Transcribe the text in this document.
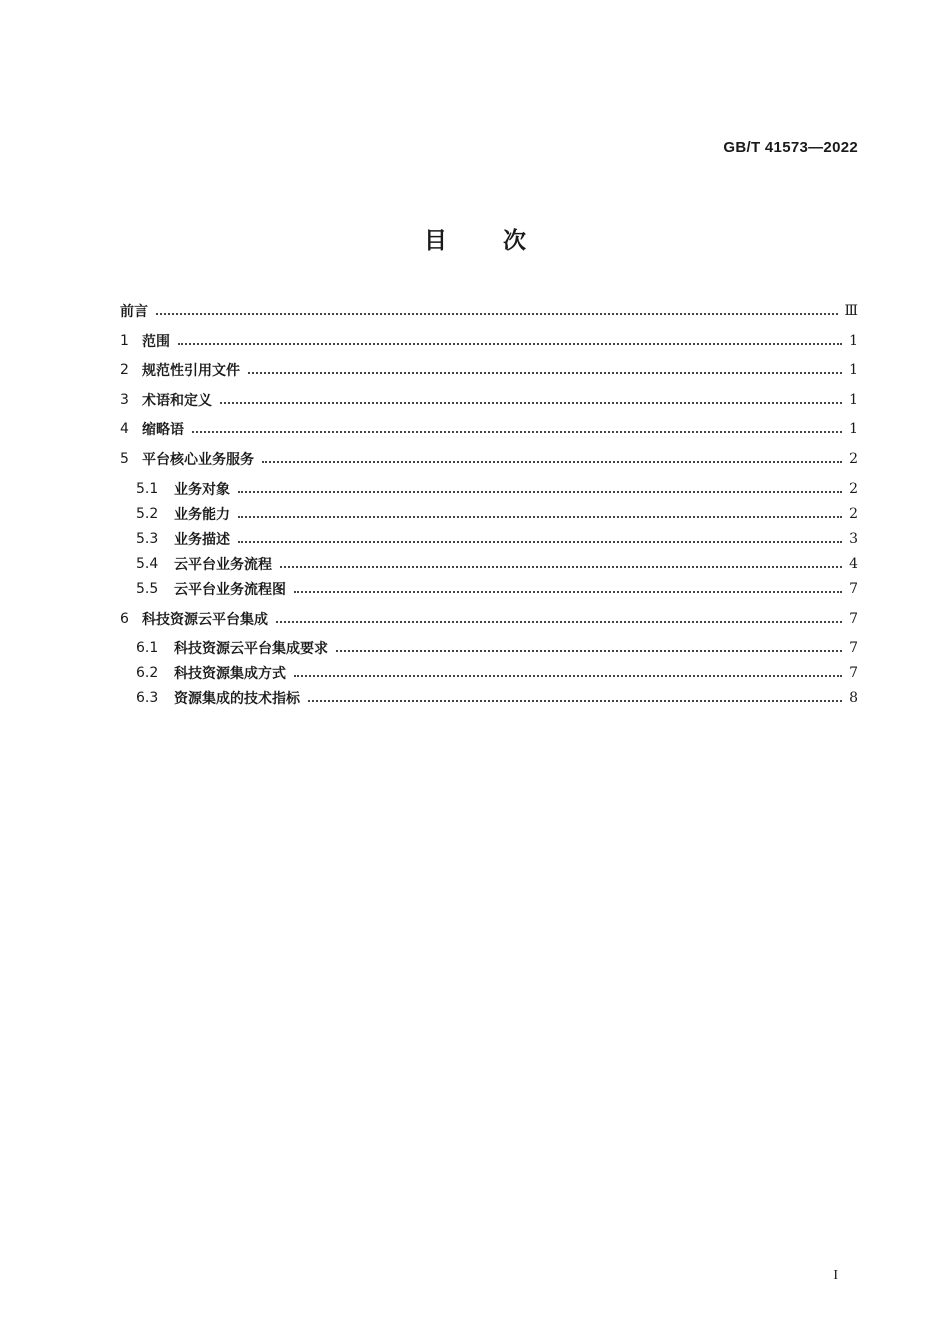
GB/T 41573—2022
目次
前言	Ⅲ
1 范围	1
2 规范性引用文件	1
3 术语和定义	1
4 缩略语	1
5 平台核心业务服务	2
5.1	业务对象	2
5.2	业务能力	2
5.3	业务描述	3
5.4	云平台业务流程	4
5.5	云平台业务流程图	7
6 科技资源云平台集成	7
6.1	科技资源云平台集成要求	7
6.2	科技资源集成方式	7
6.3	资源集成的技术指标	8
I
